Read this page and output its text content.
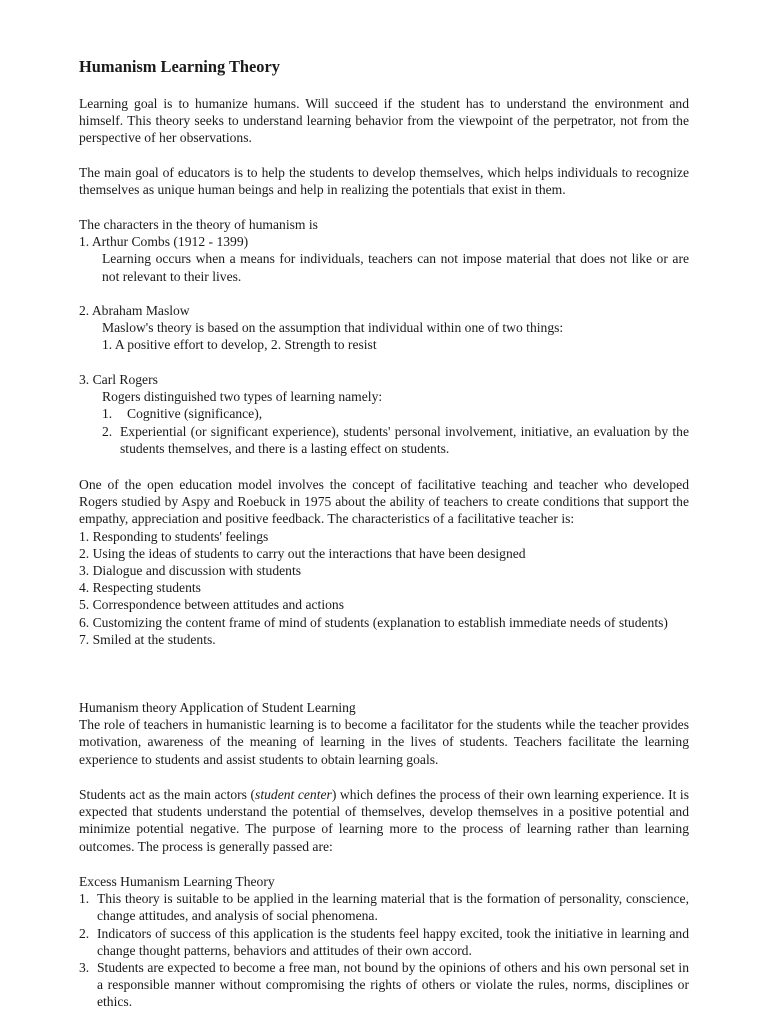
Humanism Learning Theory

Learning goal is to humanize humans. Will succeed if the student has to understand the environment and himself. This theory seeks to understand learning behavior from the viewpoint of the perpetrator, not from the perspective of her observations.

The main goal of educators is to help the students to develop themselves, which helps individuals to recognize themselves as unique human beings and help in realizing the potentials that exist in them.

The characters in the theory of humanism is

1. Arthur Combs (1912 - 1399)

Learning occurs when a means for individuals, teachers can not impose material that does not like or are not relevant to their lives.

2. Abraham Maslow

Maslow's theory is based on the assumption that individual within one of two things:

1. A positive effort to develop, 2. Strength to resist

3. Carl Rogers

Rogers distinguished two types of learning namely:

1. Cognitive (significance),
2. Experiential (or significant experience), students' personal involvement, initiative, an evaluation by the students themselves, and there is a lasting effect on students.

One of the open education model involves the concept of facilitative teaching and teacher who developed Rogers studied by Aspy and Roebuck in 1975 about the ability of teachers to create conditions that support the empathy, appreciation and positive feedback. The characteristics of a facilitative teacher is:

1. Responding to students' feelings
2. Using the ideas of students to carry out the interactions that have been designed
3. Dialogue and discussion with students
4. Respecting students
5. Correspondence between attitudes and actions
6. Customizing the content frame of mind of students (explanation to establish immediate needs of students)
7. Smiled at the students.

Humanism theory Application of Student Learning

The role of teachers in humanistic learning is to become a facilitator for the students while the teacher provides motivation, awareness of the meaning of learning in the lives of students. Teachers facilitate the learning experience to students and assist students to obtain learning goals.

Students act as the main actors (student center) which defines the process of their own learning experience. It is expected that students understand the potential of themselves, develop themselves in a positive potential and minimize potential negative. The purpose of learning more to the process of learning rather than learning outcomes. The process is generally passed are:

Excess Humanism Learning Theory

1. This theory is suitable to be applied in the learning material that is the formation of personality, conscience, change attitudes, and analysis of social phenomena.
2. Indicators of success of this application is the students feel happy excited, took the initiative in learning and change thought patterns, behaviors and attitudes of their own accord.
3. Students are expected to become a free man, not bound by the opinions of others and his own personal set in a responsible manner without compromising the rights of others or violate the rules, norms, disciplines or ethics.
